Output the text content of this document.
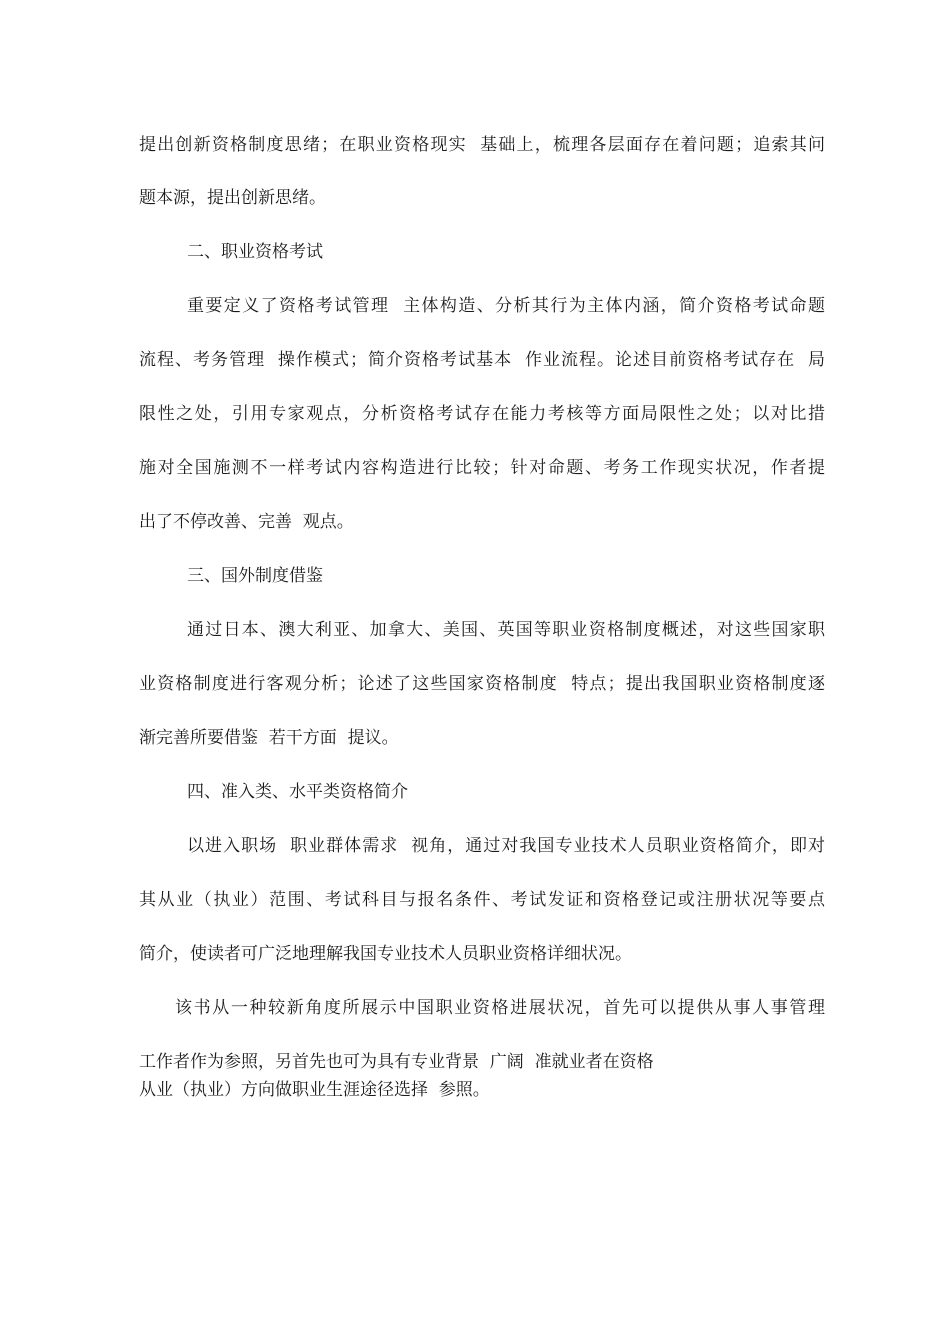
提出创新资格制度思绪；在职业资格现实  基础上，梳理各层面存在着问题；追索其问

题本源，提出创新思绪。

二、职业资格考试

重要定义了资格考试管理  主体构造、分析其行为主体内涵，简介资格考试命题

流程、考务管理  操作模式；简介资格考试基本  作业流程。论述目前资格考试存在  局

限性之处，引用专家观点，分析资格考试存在能力考核等方面局限性之处；以对比措

施对全国施测不一样考试内容构造进行比较；针对命题、考务工作现实状况，作者提

出了不停改善、完善  观点。

三、国外制度借鉴

通过日本、澳大利亚、加拿大、美国、英国等职业资格制度概述，对这些国家职

业资格制度进行客观分析；论述了这些国家资格制度  特点；提出我国职业资格制度逐

渐完善所要借鉴  若干方面  提议。

四、准入类、水平类资格简介

以进入职场  职业群体需求  视角，通过对我国专业技术人员职业资格简介，即对

其从业（执业）范围、考试科目与报名条件、考试发证和资格登记或注册状况等要点

简介，使读者可广泛地理解我国专业技术人员职业资格详细状况。

该书从一种较新角度所展示中国职业资格进展状况，首先可以提供从事人事管理

工作者作为参照，另首先也可为具有专业背景  广阔  准就业者在资格

从业（执业）方向做职业生涯途径选择  参照。
